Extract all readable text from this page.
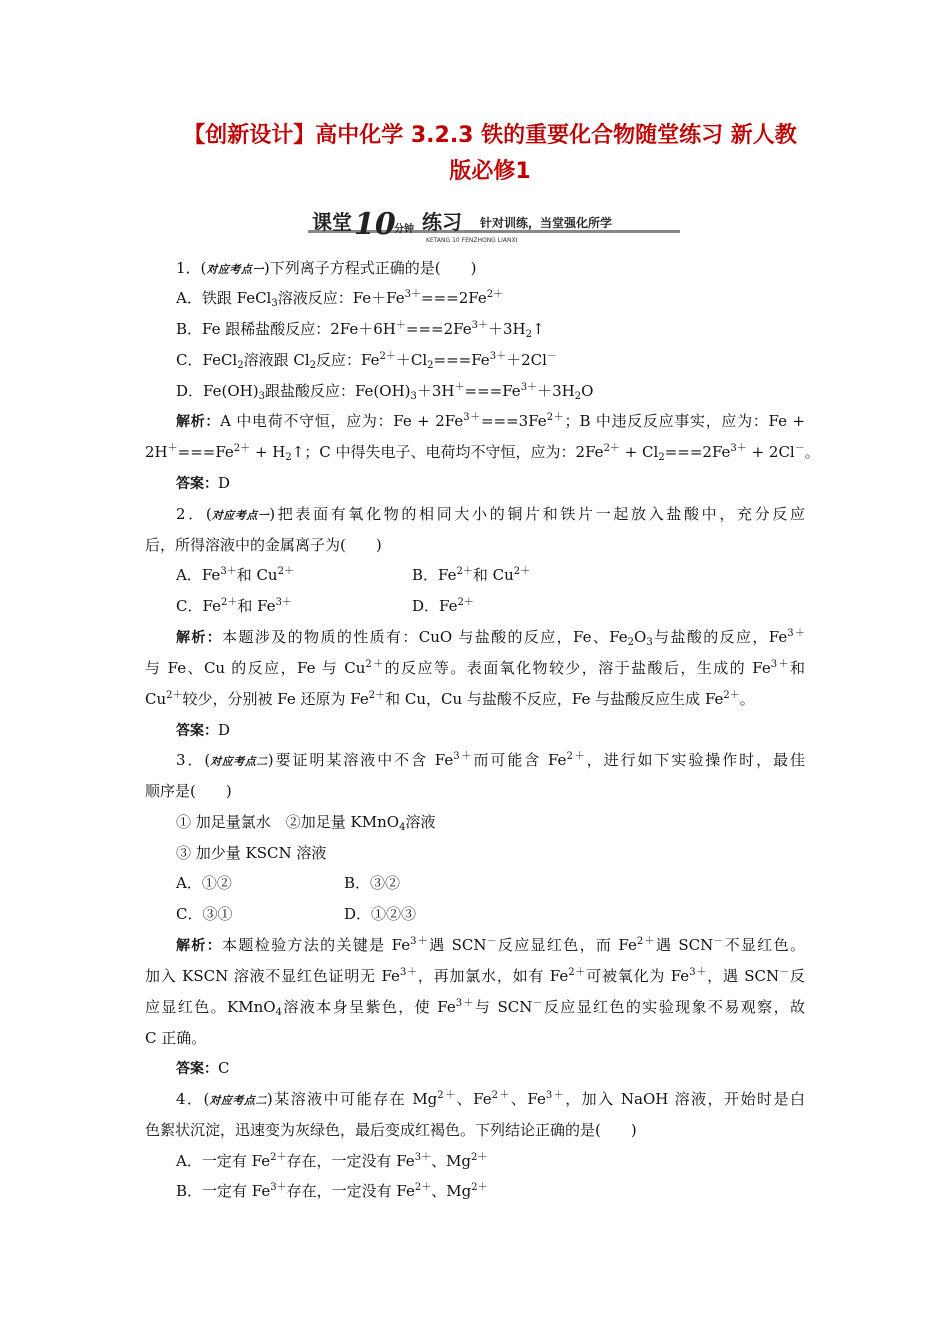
【创新设计】高中化学 3.2.3 铁的重要化合物随堂练习 新人教
版必修1
课堂 10
分钟 练习
KETANG 10 FENZHONG LIANXI
针对训练，当堂强化所学
1．(对应考点一)下列离子方程式正确的是(　　)
A．铁跟 FeCl$_3$溶液反应：$Fe+Fe^{3+}===2Fe^{2+}$
B．Fe 跟稀盐酸反应：$2Fe+6H^+===2Fe^{3+}+3H_2↑$
C．FeCl$_2$溶液跟 $Cl_2$反应：$Fe^{2+}+Cl_2===Fe^{3+}+2Cl^-$
D．$Fe(OH)_3$跟盐酸反应：$Fe(OH)_3+3H^+===Fe^{3+}+3H_2O$
解析：A 中电荷不守恒，应为：$Fe + 2Fe^{3+}===3Fe^{2+}$；B 中违反反应事实，应为：Fe +
$2H^+===Fe^{2+}$ + $H_2↑$；C 中得失电子、电荷均不守恒，应为：$2Fe^{2+} + Cl_2===2Fe^{3+} + 2Cl^-$。
答案：D
2．(对应考点一)把表面有氧化物的相同大小的铜片和铁片一起放入盐酸中，充分反应
后，所得溶液中的金属离子为(　　)
A．$Fe^{3+}$和 $Cu^{2+}$	B．$Fe^{2+}$和 $Cu^{2+}$
C．$Fe^{2+}$和 $Fe^{3+}$	D．$Fe^{2+}$
解析：本题涉及的物质的性质有：CuO 与盐酸的反应，Fe、$Fe_2O_3$与盐酸的反应，$Fe^{3+}$
与 Fe、Cu 的反应，Fe 与 $Cu^{2+}$的反应等。表面氧化物较少，溶于盐酸后，生成的 $Fe^{3+}$和
$Cu^{2+}$较少，分别被 Fe 还原为 $Fe^{2+}$和 Cu，Cu 与盐酸不反应，Fe 与盐酸反应生成 $Fe^{2+}$。
答案：D
3．(对应考点二)要证明某溶液中不含 $Fe^{3+}$而可能含 $Fe^{2+}$，进行如下实验操作时，最佳
顺序是(　　)
① 加足量氯水　②加足量 KMnO$_4$溶液
③ 加少量 KSCN 溶液
A．①②	B．③②
C．③①	D．①②③
解析：本题检验方法的关键是 $Fe^{3+}$遇 SCN－反应显红色，而 $Fe^{2+}$遇 SCN－不显红色。
加入 KSCN 溶液不显红色证明无 $Fe^{3+}$，再加氯水，如有 $Fe^{2+}$可被氧化为 $Fe^{3+}$，遇 SCN－反
应显红色。KMnO$_4$溶液本身呈紫色，使 $Fe^{3+}$与 SCN－反应显红色的实验现象不易观察，故
C 正确。
答案：C
4．(对应考点二)某溶液中可能存在 $Mg^{2+}$、$Fe^{2+}$、$Fe^{3+}$，加入 NaOH 溶液，开始时是白
色絮状沉淀，迅速变为灰绿色，最后变成红褐色。下列结论正确的是(　　)
A．一定有 $Fe^{2+}$存在，一定没有 $Fe^{3+}$、$Mg^{2+}$
B．一定有 $Fe^{3+}$存在，一定没有 $Fe^{2+}$、$Mg^{2+}$
